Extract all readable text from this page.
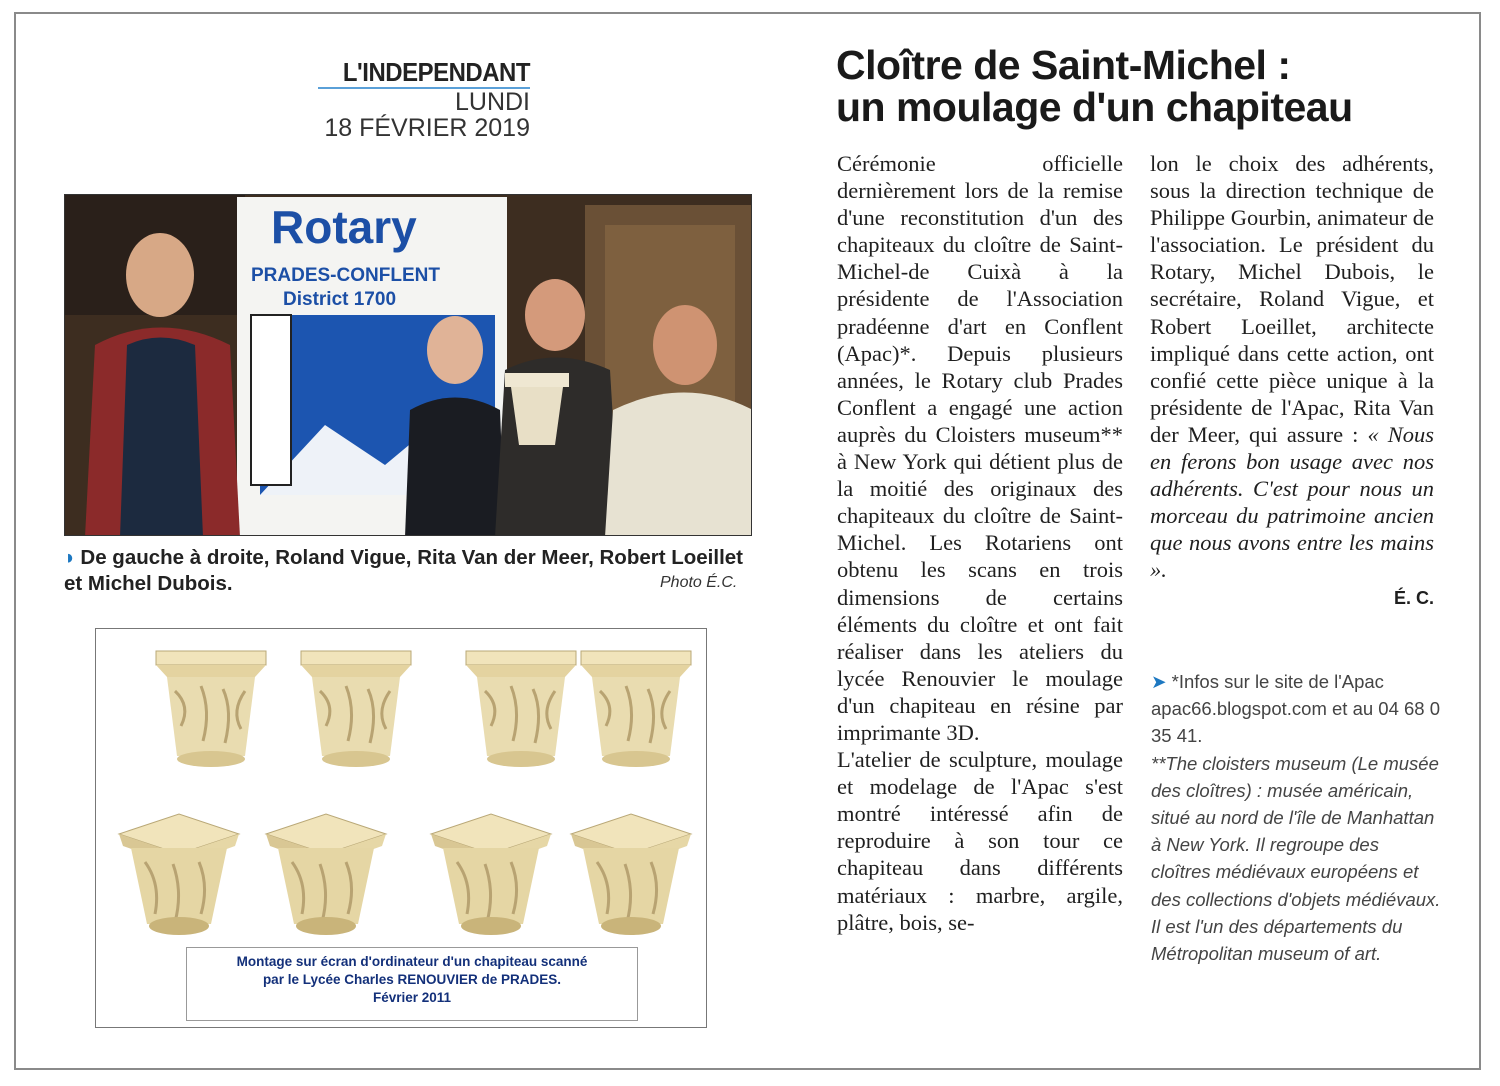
L'INDEPENDANT
LUNDI
18 FÉVRIER 2019
Rotary
PRADES-CONFLENT
District 1700
◗ De gauche à droite, Roland Vigue, Rita Van der Meer, Robert Loeillet et Michel Dubois.	Photo É.C.
Montage sur écran d'ordinateur d'un chapiteau scanné
par le Lycée Charles RENOUVIER de PRADES.
Février 2011
Cloître de Saint-Michel :
un moulage d'un chapiteau

Cérémonie officielle dernièrement lors de la remise d'une reconstitution d'un des chapiteaux du cloître de Saint-Michel-de Cuixà à la présidente de l'Association pradéenne d'art en Conflent (Apac)*. Depuis plusieurs années, le Rotary club Prades Conflent a engagé une action auprès du Cloisters museum** à New York qui détient plus de la moitié des originaux des chapiteaux du cloître de Saint-Michel. Les Rotariens ont obtenu les scans en trois dimensions de certains éléments du cloître et ont fait réaliser dans les ateliers du lycée Renouvier le moulage d'un chapiteau en résine par imprimante 3D.

L'atelier de sculpture, moulage et modelage de l'Apac s'est montré intéressé afin de reproduire à son tour ce chapiteau dans différents matériaux : marbre, argile, plâtre, bois, se-

lon le choix des adhérents, sous la direction technique de Philippe Gourbin, animateur de l'association. Le président du Rotary, Michel Dubois, le secrétaire, Roland Vigue, et Robert Loeillet, architecte impliqué dans cette action, ont confié cette pièce unique à la présidente de l'Apac, Rita Van der Meer, qui assure : « Nous en ferons bon usage avec nos adhérents. C'est pour nous un morceau du patrimoine ancien que nous avons entre les mains ».

É. C.

➤ *Infos sur le site de l'Apac apac66.blogspot.com et au 04 68 0 35 41.

**The cloisters museum (Le musée des cloîtres) : musée américain, situé au nord de l'île de Manhattan à New York. Il regroupe des cloîtres médiévaux européens et des collections d'objets médiévaux. Il est l'un des départements du Métropolitan museum of art.
